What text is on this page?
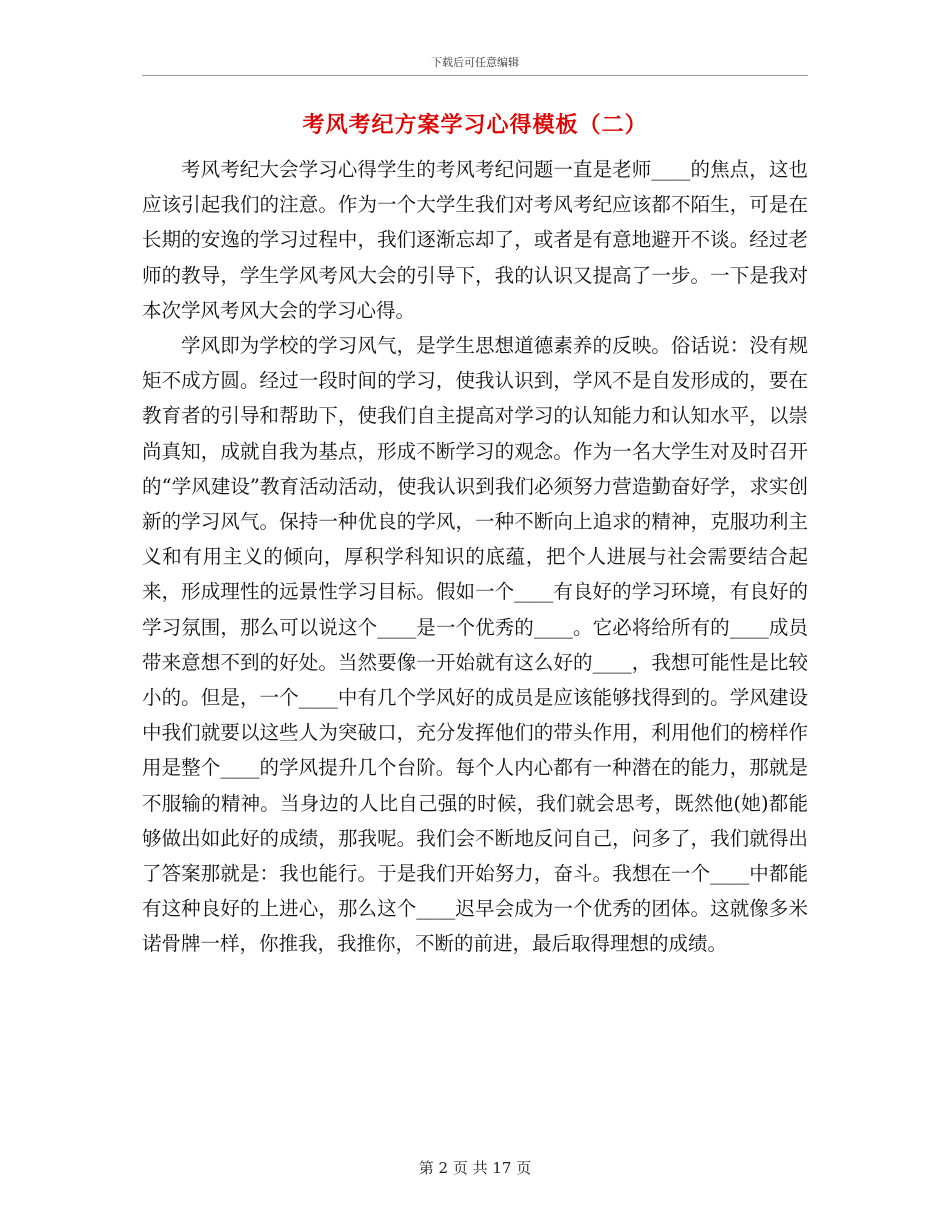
下载后可任意编辑
考风考纪方案学习心得模板（二）

考风考纪大会学习心得学生的考风考纪问题一直是老师____的焦点，这也应该引起我们的注意。作为一个大学生我们对考风考纪应该都不陌生，可是在长期的安逸的学习过程中，我们逐渐忘却了，或者是有意地避开不谈。经过老师的教导，学生学风考风大会的引导下，我的认识又提高了一步。一下是我对本次学风考风大会的学习心得。

学风即为学校的学习风气，是学生思想道德素养的反映。俗话说：没有规矩不成方圆。经过一段时间的学习，使我认识到，学风不是自发形成的，要在教育者的引导和帮助下，使我们自主提高对学习的认知能力和认知水平，以崇尚真知，成就自我为基点，形成不断学习的观念。作为一名大学生对及时召开的“学风建设”教育活动活动，使我认识到我们必须努力营造勤奋好学，求实创新的学习风气。保持一种优良的学风，一种不断向上追求的精神，克服功利主义和有用主义的倾向，厚积学科知识的底蕴，把个人进展与社会需要结合起来，形成理性的远景性学习目标。假如一个____有良好的学习环境，有良好的学习氛围，那么可以说这个____是一个优秀的____。它必将给所有的____成员带来意想不到的好处。当然要像一开始就有这么好的____，我想可能性是比较小的。但是，一个____中有几个学风好的成员是应该能够找得到的。学风建设中我们就要以这些人为突破口，充分发挥他们的带头作用，利用他们的榜样作用是整个____的学风提升几个台阶。每个人内心都有一种潜在的能力，那就是不服输的精神。当身边的人比自己强的时候，我们就会思考，既然他(她)都能够做出如此好的成绩，那我呢。我们会不断地反问自己，问多了，我们就得出了答案那就是：我也能行。于是我们开始努力，奋斗。我想在一个____中都能有这种良好的上进心，那么这个____迟早会成为一个优秀的团体。这就像多米诺骨牌一样，你推我，我推你，不断的前进，最后取得理想的成绩。

第 2 页 共 17 页
